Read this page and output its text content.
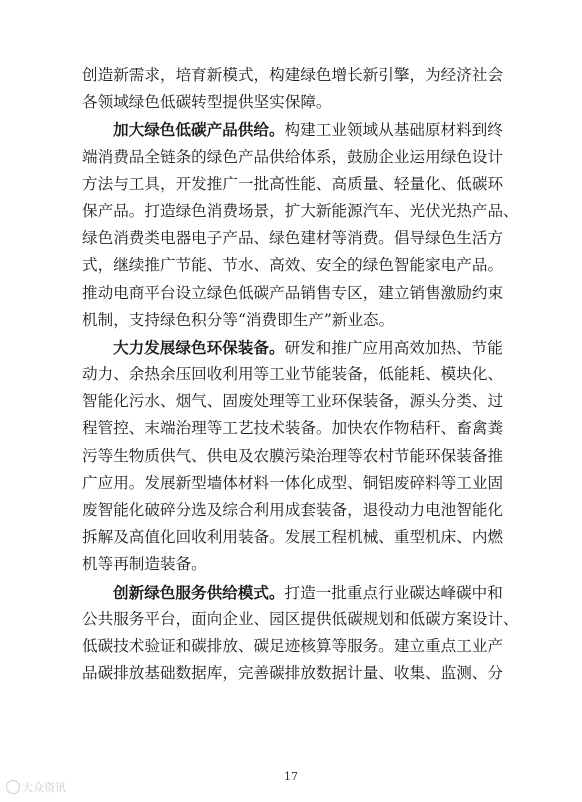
创造新需求，培育新模式，构建绿色增长新引擎，为经济社会
各领域绿色低碳转型提供坚实保障。
加大绿色低碳产品供给。构建工业领域从基础原材料到终
端消费品全链条的绿色产品供给体系，鼓励企业运用绿色设计
方法与工具，开发推广一批高性能、高质量、轻量化、低碳环
保产品。打造绿色消费场景，扩大新能源汽车、光伏光热产品、
绿色消费类电器电子产品、绿色建材等消费。倡导绿色生活方
式，继续推广节能、节水、高效、安全的绿色智能家电产品。
推动电商平台设立绿色低碳产品销售专区，建立销售激励约束
机制，支持绿色积分等“消费即生产”新业态。
大力发展绿色环保装备。研发和推广应用高效加热、节能
动力、余热余压回收利用等工业节能装备，低能耗、模块化、
智能化污水、烟气、固废处理等工业环保装备，源头分类、过
程管控、末端治理等工艺技术装备。加快农作物秸秆、畜禽粪
污等生物质供气、供电及农膜污染治理等农村节能环保装备推
广应用。发展新型墙体材料一体化成型、铜铝废碎料等工业固
废智能化破碎分选及综合利用成套装备，退役动力电池智能化
拆解及高值化回收利用装备。发展工程机械、重型机床、内燃
机等再制造装备。
创新绿色服务供给模式。打造一批重点行业碳达峰碳中和
公共服务平台，面向企业、园区提供低碳规划和低碳方案设计、
低碳技术验证和碳排放、碳足迹核算等服务。建立重点工业产
品碳排放基础数据库，完善碳排放数据计量、收集、监测、分
17
大众资讯
